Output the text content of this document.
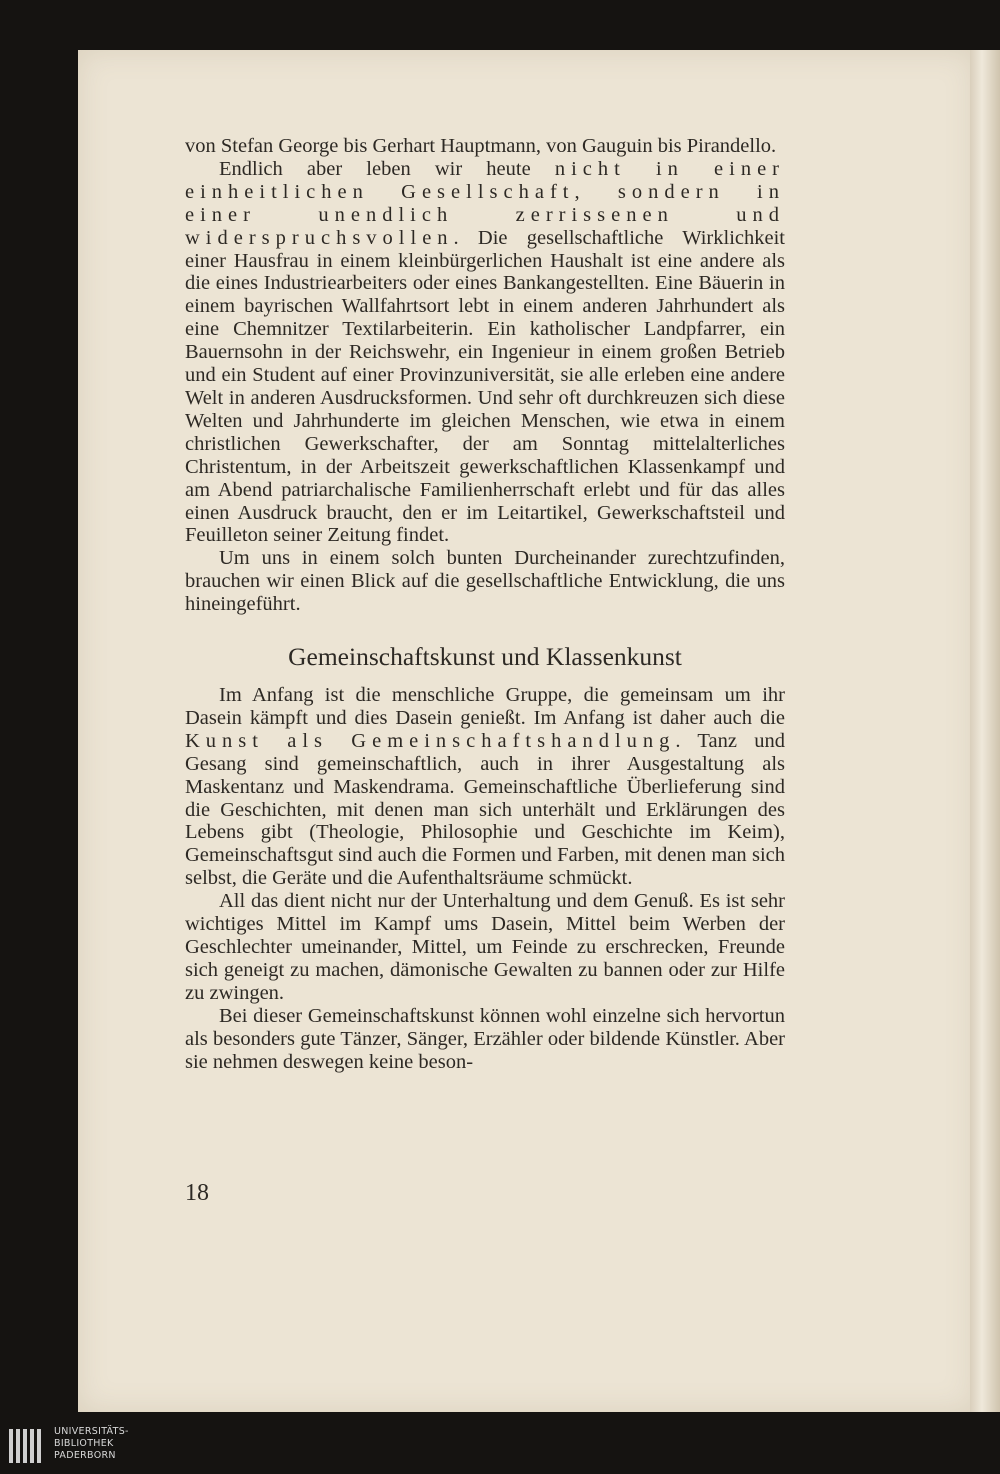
von Stefan George bis Gerhart Hauptmann, von Gauguin bis Pirandello.

Endlich aber leben wir heute nicht in einer einheitlichen Gesellschaft, sondern in einer unendlich zerrissenen und widerspruchsvollen. Die gesellschaftliche Wirklichkeit einer Hausfrau in einem kleinbürgerlichen Haushalt ist eine andere als die eines Industriearbeiters oder eines Bankangestellten. Eine Bäuerin in einem bayrischen Wallfahrtsort lebt in einem anderen Jahrhundert als eine Chemnitzer Textilarbeiterin. Ein katholischer Landpfarrer, ein Bauernsohn in der Reichswehr, ein Ingenieur in einem großen Betrieb und ein Student auf einer Provinzuniversität, sie alle erleben eine andere Welt in anderen Ausdrucksformen. Und sehr oft durchkreuzen sich diese Welten und Jahrhunderte im gleichen Menschen, wie etwa in einem christlichen Gewerkschafter, der am Sonntag mittelalterliches Christentum, in der Arbeitszeit gewerkschaftlichen Klassenkampf und am Abend patriarchalische Familienherrschaft erlebt und für das alles einen Ausdruck braucht, den er im Leitartikel, Gewerkschaftsteil und Feuilleton seiner Zeitung findet.

Um uns in einem solch bunten Durcheinander zurechtzufinden, brauchen wir einen Blick auf die gesellschaftliche Entwicklung, die uns hineingeführt.

Gemeinschaftskunst und Klassenkunst

Im Anfang ist die menschliche Gruppe, die gemeinsam um ihr Dasein kämpft und dies Dasein genießt. Im Anfang ist daher auch die Kunst als Gemeinschaftshandlung. Tanz und Gesang sind gemeinschaftlich, auch in ihrer Ausgestaltung als Maskentanz und Maskendrama. Gemeinschaftliche Überlieferung sind die Geschichten, mit denen man sich unterhält und Erklärungen des Lebens gibt (Theologie, Philosophie und Geschichte im Keim), Gemeinschaftsgut sind auch die Formen und Farben, mit denen man sich selbst, die Geräte und die Aufenthaltsräume schmückt.

All das dient nicht nur der Unterhaltung und dem Genuß. Es ist sehr wichtiges Mittel im Kampf ums Dasein, Mittel beim Werben der Geschlechter umeinander, Mittel, um Feinde zu erschrecken, Freunde sich geneigt zu machen, dämonische Gewalten zu bannen oder zur Hilfe zu zwingen.

Bei dieser Gemeinschaftskunst können wohl einzelne sich hervortun als besonders gute Tänzer, Sänger, Erzähler oder bildende Künstler. Aber sie nehmen deswegen keine beson-

18
UNIVERSITÄTS-
BIBLIOTHEK
PADERBORN
